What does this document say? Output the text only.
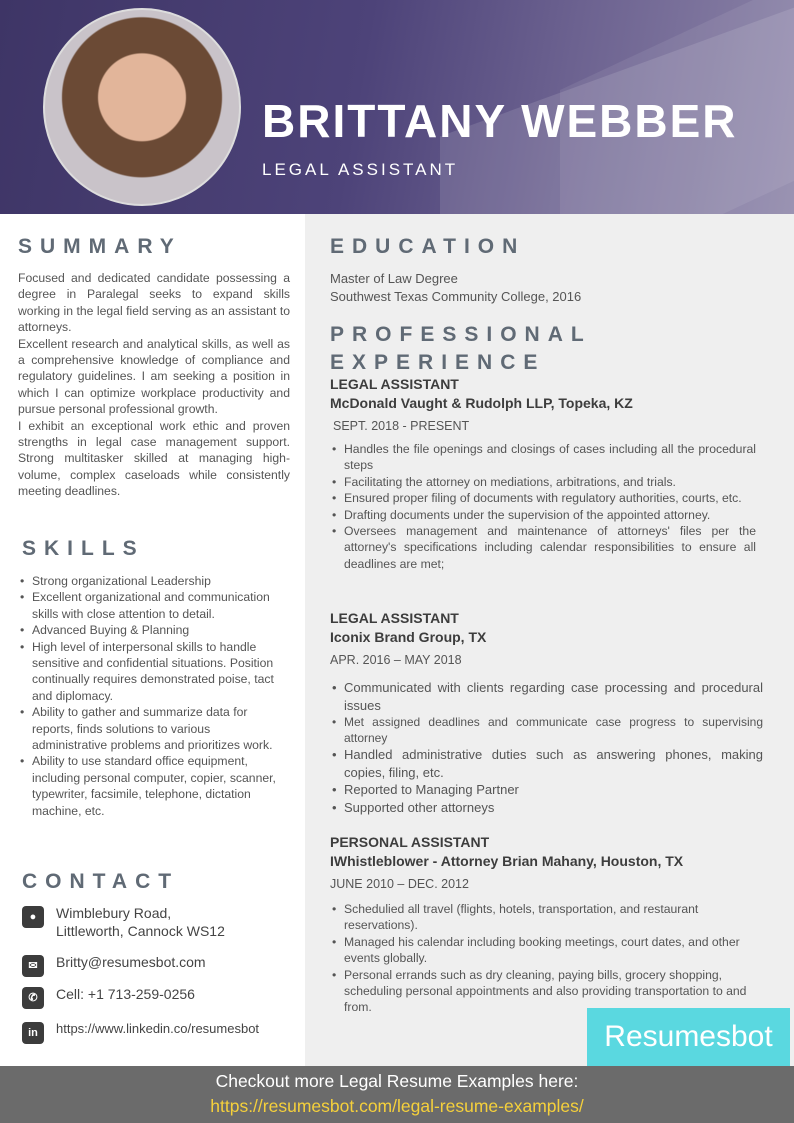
BRITTANY WEBBER
LEGAL ASSISTANT
SUMMARY

Focused and dedicated candidate possessing a degree in Paralegal seeks to expand skills working in the legal field serving as an assistant to attorneys.

Excellent research and analytical skills, as well as a comprehensive knowledge of compliance and regulatory guidelines. I am seeking a position in which I can optimize workplace productivity and pursue personal professional growth.

I exhibit an exceptional work ethic and proven strengths in legal case management support. Strong multitasker skilled at managing high-volume, complex caseloads while consistently meeting deadlines.

SKILLS
• Strong organizational Leadership
• Excellent organizational and communication skills with close attention to detail.
• Advanced Buying & Planning
• High level of interpersonal skills to handle sensitive and confidential situations. Position continually requires demonstrated poise, tact and diplomacy.
• Ability to gather and summarize data for reports, finds solutions to various administrative problems and prioritizes work.
• Ability to use standard office equipment, including personal computer, copier, scanner, typewriter, facsimile, telephone, dictation machine, etc.
CONTACT
●	Wimblebury Road,
Littleworth, Cannock WS12
✉	Britty@resumesbot.com
✆	Cell: +1 713-259-0256
in	https://www.linkedin.co/resumesbot
EDUCATION
Master of Law Degree
Southwest Texas Community College, 2016
PROFESSIONAL
EXPERIENCE
LEGAL ASSISTANT
McDonald Vaught & Rudolph LLP, Topeka, KZ
SEPT. 2018 - PRESENT
• Handles the file openings and closings of cases including all the procedural steps
• Facilitating the attorney on mediations, arbitrations, and trials.
• Ensured proper filing of documents with regulatory authorities, courts, etc.
• Drafting documents under the supervision of the appointed attorney.
• Oversees management and maintenance of attorneys' files per the attorney's specifications including calendar responsibilities to ensure all deadlines are met;
LEGAL ASSISTANT
Iconix Brand Group, TX
APR. 2016 – MAY 2018
• Communicated with clients regarding case processing and procedural issues
• Met assigned deadlines and communicate case progress to supervising attorney
• Handled administrative duties such as answering phones, making copies, filing, etc.
• Reported to Managing Partner
• Supported other attorneys
PERSONAL ASSISTANT
IWhistleblower - Attorney Brian Mahany, Houston, TX
JUNE 2010 – DEC. 2012
• Schedulied all travel (flights, hotels, transportation, and restaurant reservations).
• Managed his calendar including booking meetings, court dates, and other events globally.
• Personal errands such as dry cleaning, paying bills, grocery shopping, scheduling personal appointments and also providing transportation to and from.
Resumesbot
Checkout more Legal Resume Examples here:
https://resumesbot.com/legal-resume-examples/
